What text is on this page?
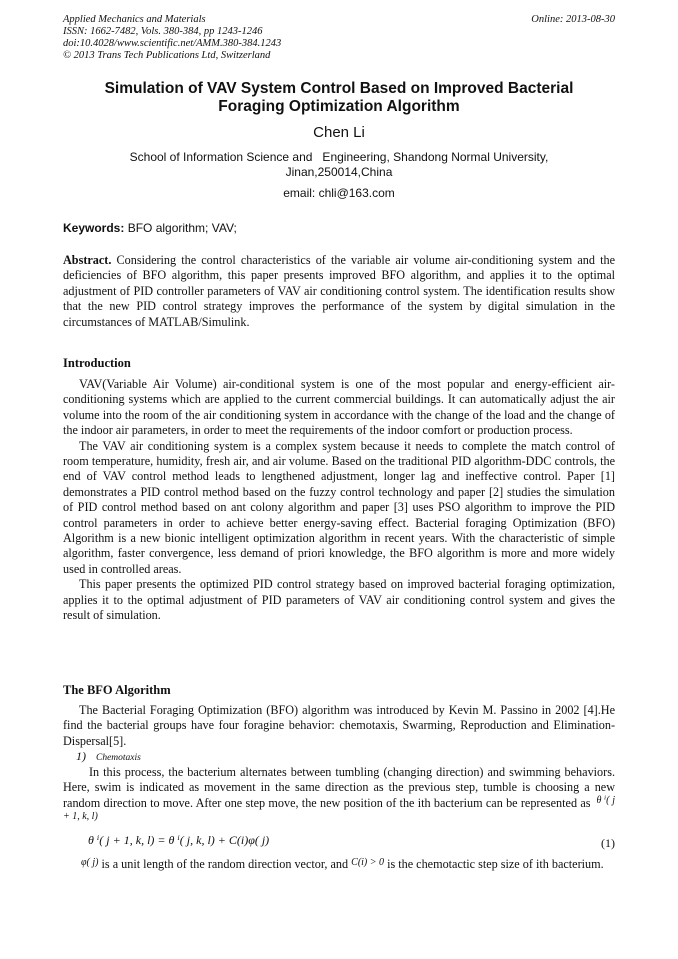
Applied Mechanics and Materials
ISSN: 1662-7482, Vols. 380-384, pp 1243-1246
doi:10.4028/www.scientific.net/AMM.380-384.1243
© 2013 Trans Tech Publications Ltd, Switzerland
Online: 2013-08-30
Simulation of VAV System Control Based on Improved Bacterial
Foraging Optimization Algorithm
Chen Li
School of Information Science and   Engineering, Shandong Normal University,
Jinan,250014,China
email: chli@163.com
Keywords: BFO algorithm; VAV;

Abstract. Considering the control characteristics of the variable air volume air-conditioning system and the deficiencies of BFO algorithm, this paper presents improved BFO algorithm, and applies it to the optimal adjustment of PID controller parameters of VAV air conditioning control system. The identification results show that the new PID control strategy improves the performance of the system by digital simulation in the circumstances of MATLAB/Simulink.

Introduction

VAV(Variable Air Volume) air-conditional system is one of the most popular and energy-efficient air-conditioning systems which are applied to the current commercial buildings. It can automatically adjust the air volume into the room of the air conditioning system in accordance with the change of the load and the change of the indoor air parameters, in order to meet the requirements of the indoor comfort or production process.

The VAV air conditioning system is a complex system because it needs to complete the match control of room temperature, humidity, fresh air, and air volume. Based on the traditional PID algorithm-DDC controls, the end of VAV control method leads to lengthened adjustment, longer lag and ineffective control. Paper [1] demonstrates a PID control method based on the fuzzy control technology and paper [2] studies the simulation of PID control method based on ant colony algorithm and paper [3] uses PSO algorithm to improve the PID control parameters in order to achieve better energy-saving effect. Bacterial foraging Optimization (BFO) Algorithm is a new bionic intelligent optimization algorithm in recent years. With the characteristic of simple algorithm, faster convergence, less demand of priori knowledge, the BFO algorithm is more and more widely used in controlled areas.

This paper presents the optimized PID control strategy based on improved bacterial foraging optimization, applies it to the optimal adjustment of PID parameters of VAV air conditioning control system and gives the result of simulation.

The BFO Algorithm

The Bacterial Foraging Optimization (BFO) algorithm was introduced by Kevin M. Passino in 2002 [4].He find the bacterial groups have four foragine behavior: chemotaxis, Swarming, Reproduction and Elimination-Dispersal[5].

1) Chemotaxis

In this process, the bacterium alternates between tumbling (changing direction) and swimming behaviors. Here, swim is indicated as movement in the same direction as the previous step, tumble is choosing a new random direction to move. After one step move, the new position of the ith bacterium can be represented as $^{\theta ^i( j + 1, k, l)}$

θ ⁱ( j + 1, k, l) = θ ⁱ( j, k, l) + C(i)φ( j)	(1)
$^{\varphi( j)}$ is a unit length of the random direction vector, and $^{C(i) > 0}$ is the chemotactic step size of ith bacterium.
